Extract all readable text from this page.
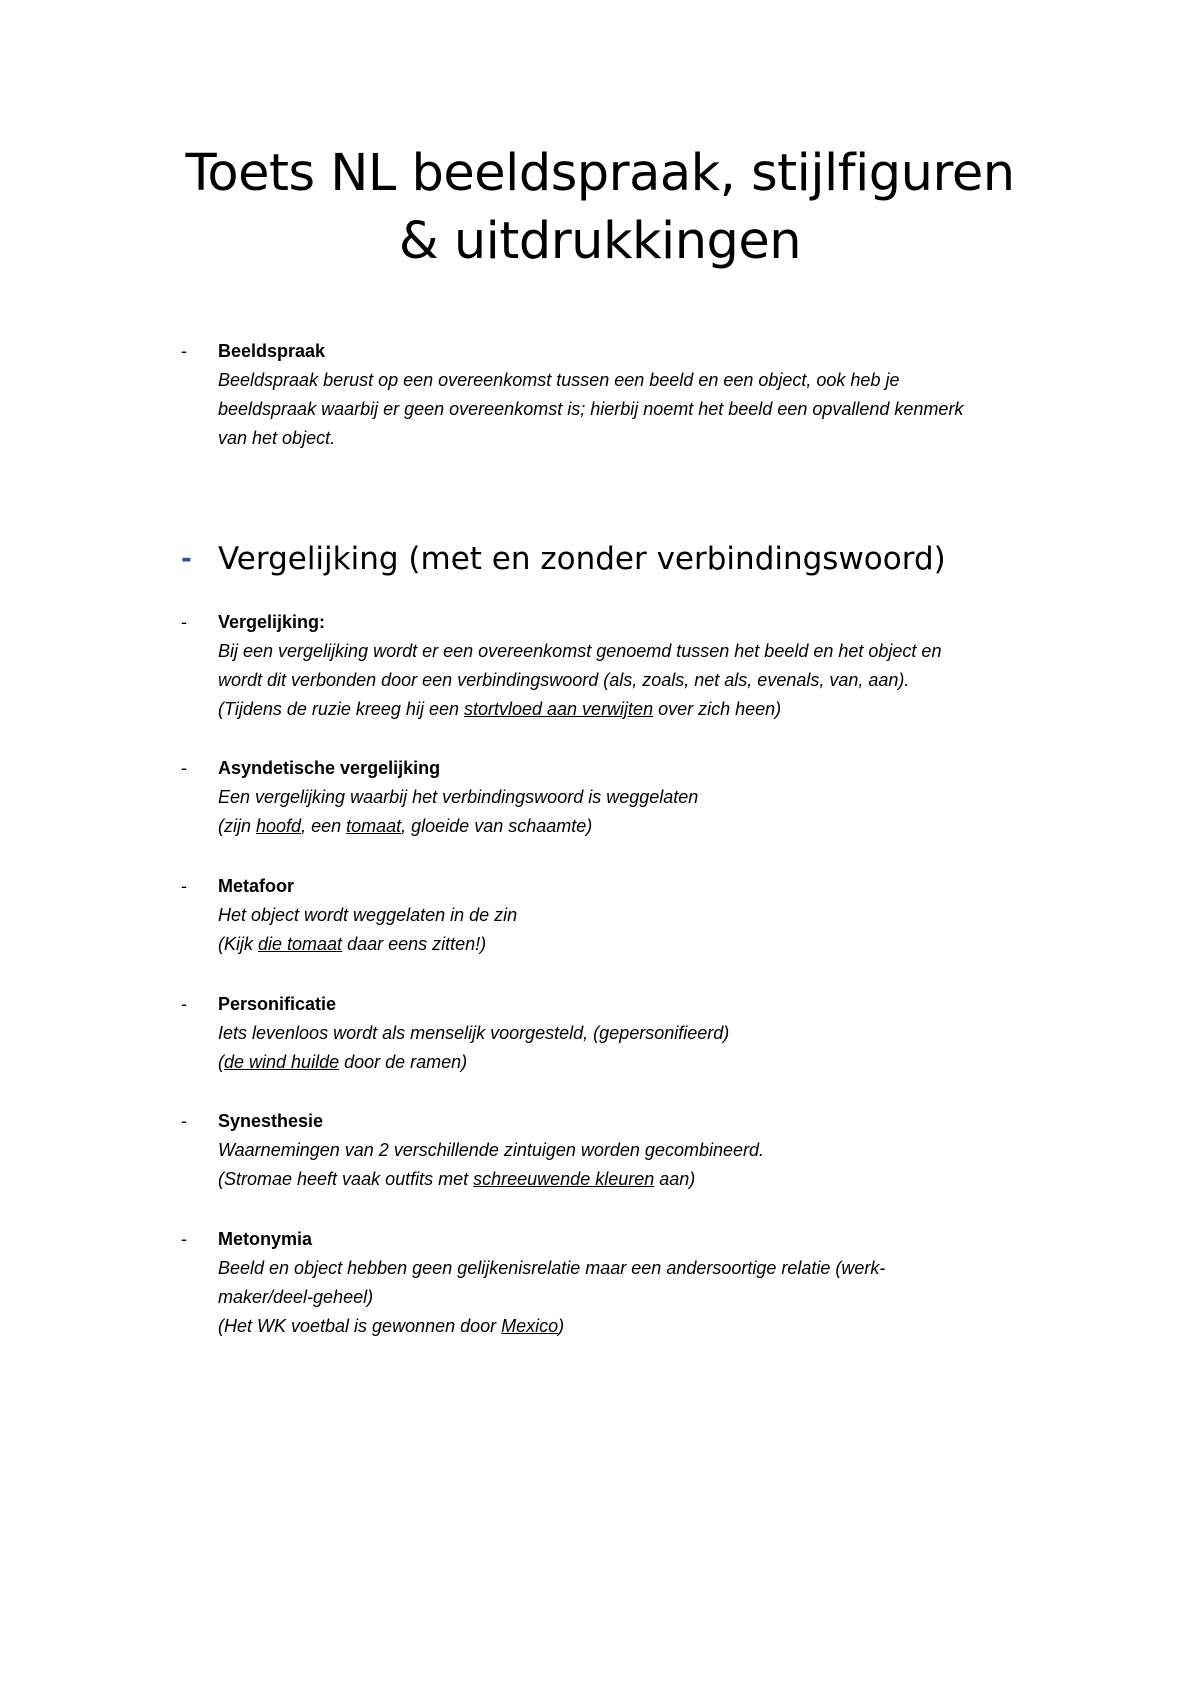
Toets NL beeldspraak, stijlfiguren
& uitdrukkingen
- Beeldspraak
Beeldspraak berust op een overeenkomst tussen een beeld en een object, ook heb je
beeldspraak waarbij er geen overeenkomst is; hierbij noemt het beeld een opvallend kenmerk
van het object.
- Vergelijking (met en zonder verbindingswoord)
- Vergelijking:
Bij een vergelijking wordt er een overeenkomst genoemd tussen het beeld en het object en
wordt dit verbonden door een verbindingswoord (als, zoals, net als, evenals, van, aan).
(Tijdens de ruzie kreeg hij een stortvloed aan verwijten over zich heen)
- Asyndetische vergelijking
Een vergelijking waarbij het verbindingswoord is weggelaten
(zijn hoofd, een tomaat, gloeide van schaamte)
- Metafoor
Het object wordt weggelaten in de zin
(Kijk die tomaat daar eens zitten!)
- Personificatie
Iets levenloos wordt als menselijk voorgesteld, (gepersonifieerd)
(de wind huilde door de ramen)
- Synesthesie
Waarnemingen van 2 verschillende zintuigen worden gecombineerd.
(Stromae heeft vaak outfits met schreeuwende kleuren aan)
- Metonymia
Beeld en object hebben geen gelijkenisrelatie maar een andersoortige relatie (werk-
maker/deel-geheel)
(Het WK voetbal is gewonnen door Mexico)
